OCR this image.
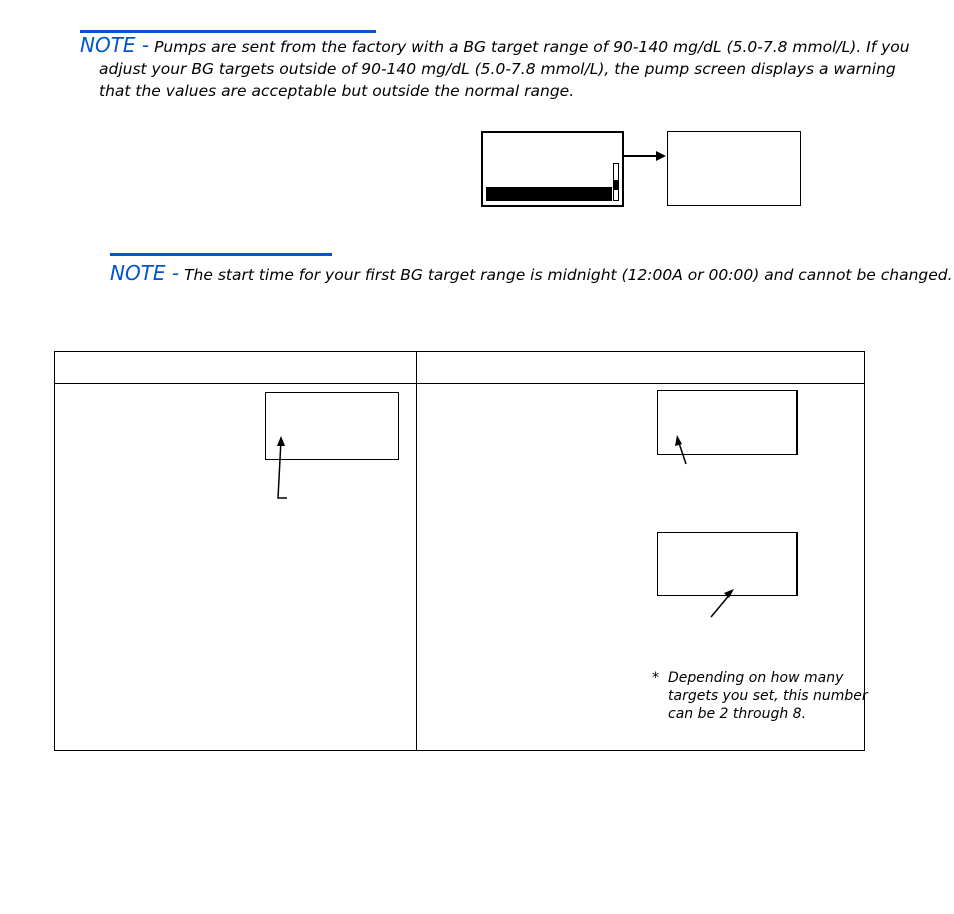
NOTE - Pumps are sent from the factory with a BG target range of 90-140 mg/dL (5.0-7.8 mmol/L). If you adjust your BG targets outside of 90-140 mg/dL (5.0-7.8 mmol/L), the pump screen displays a warning that the values are acceptable but outside the normal range.
NOTE - The start time for your first BG target range is midnight (12:00A or 00:00) and cannot be changed.
* Depending on how many targets you set, this number can be 2 through 8.
